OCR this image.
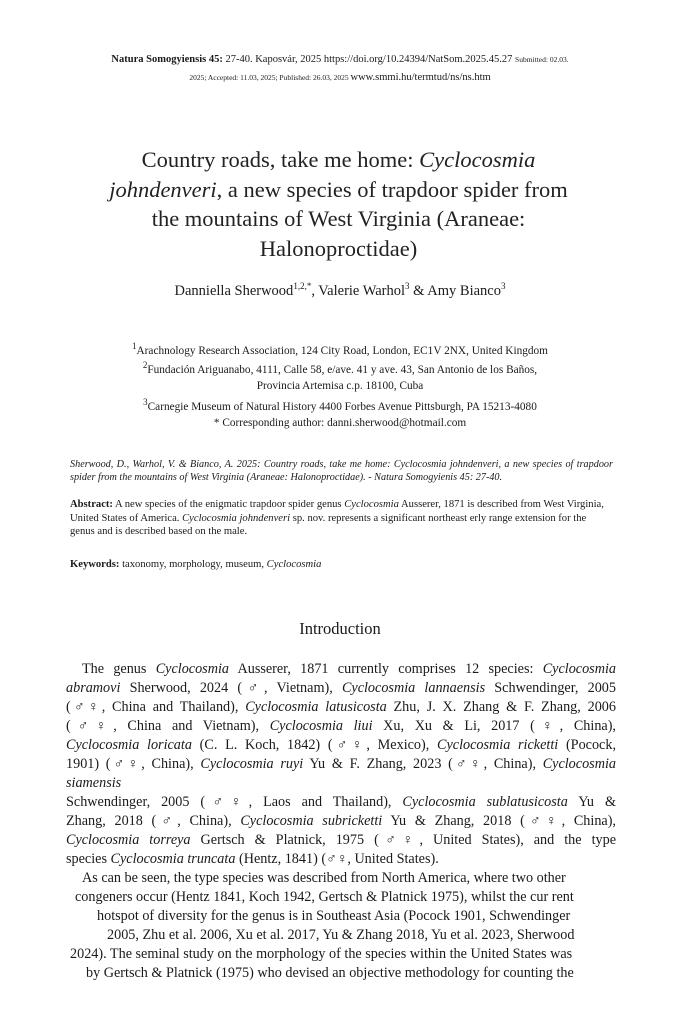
Natura Somogyiensis 45: 27-40. Kaposvár, 2025 https://doi.org/10.24394/NatSom.2025.45.27 Submitted: 02.03.
2025; Accepted: 11.03, 2025; Published: 26.03, 2025 www.smmi.hu/termtud/ns/ns.htm
Country roads, take me home: Cyclocosmia
johndenveri, a new species of trapdoor spider from
the mountains of West Virginia (Araneae:
Halonoproctidae)
Danniella Sherwood$^{1,2,*}$, Valerie Warhol$^3$ & Amy Bianco$^3$
$^1$Arachnology Research Association, 124 City Road, London, EC1V 2NX, United Kingdom
$^2$Fundación Ariguanabo, 4111, Calle 58, e/ave. 41 y ave. 43, San Antonio de los Baños,
Provincia Artemisa c.p. 18100, Cuba
$^3$Carnegie Museum of Natural History 4400 Forbes Avenue Pittsburgh, PA 15213-4080
* Corresponding author: danni.sherwood@hotmail.com
Sherwood, D., Warhol, V. & Bianco, A. 2025: Country roads, take me home: Cyclocosmia johndenveri, a new species of trapdoor spider from the mountains of West Virginia (Araneae: Halonoproctidae). - Natura Somogyienis 45: 27-40.
Abstract: A new species of the enigmatic trapdoor spider genus Cyclocosmia Ausserer, 1871 is described from West Virginia, United States of America. Cyclocosmia johndenveri sp. nov. represents a significant northeast erly range extension for the genus and is described based on the male.
Keywords: taxonomy, morphology, museum, Cyclocosmia
Introduction
The genus Cyclocosmia Ausserer, 1871 currently comprises 12 species: Cyclocosmia
abramovi Sherwood, 2024 (♂, Vietnam), Cyclocosmia lannaensis Schwendinger, 2005
(♂♀, China and Thailand), Cyclocosmia latusicosta Zhu, J. X. Zhang & F. Zhang, 2006
(♂♀, China and Vietnam), Cyclocosmia liui Xu, Xu & Li, 2017 (♀, China),
Cyclocosmia loricata (C. L. Koch, 1842) (♂♀, Mexico), Cyclocosmia ricketti (Pocock,
1901) (♂♀, China), Cyclocosmia ruyi Yu & F. Zhang, 2023 (♂♀, China), Cyclocosmia
siamensis
Schwendinger, 2005 (♂♀, Laos and Thailand), Cyclocosmia sublatusicosta Yu &
Zhang, 2018 (♂, China), Cyclocosmia subricketti Yu & Zhang, 2018 (♂♀, China),
Cyclocosmia torreya Gertsch & Platnick, 1975 (♂♀, United States), and the type
species Cyclocosmia truncata (Hentz, 1841) (♂♀, United States).
As can be seen, the type species was described from North America, where two other
congeners occur (Hentz 1841, Koch 1942, Gertsch & Platnick 1975), whilst the cur rent
hotspot of diversity for the genus is in Southeast Asia (Pocock 1901, Schwendinger
2005, Zhu et al. 2006, Xu et al. 2017, Yu & Zhang 2018, Yu et al. 2023, Sherwood
2024). The seminal study on the morphology of the species within the United States was
by Gertsch & Platnick (1975) who devised an objective methodology for counting the
